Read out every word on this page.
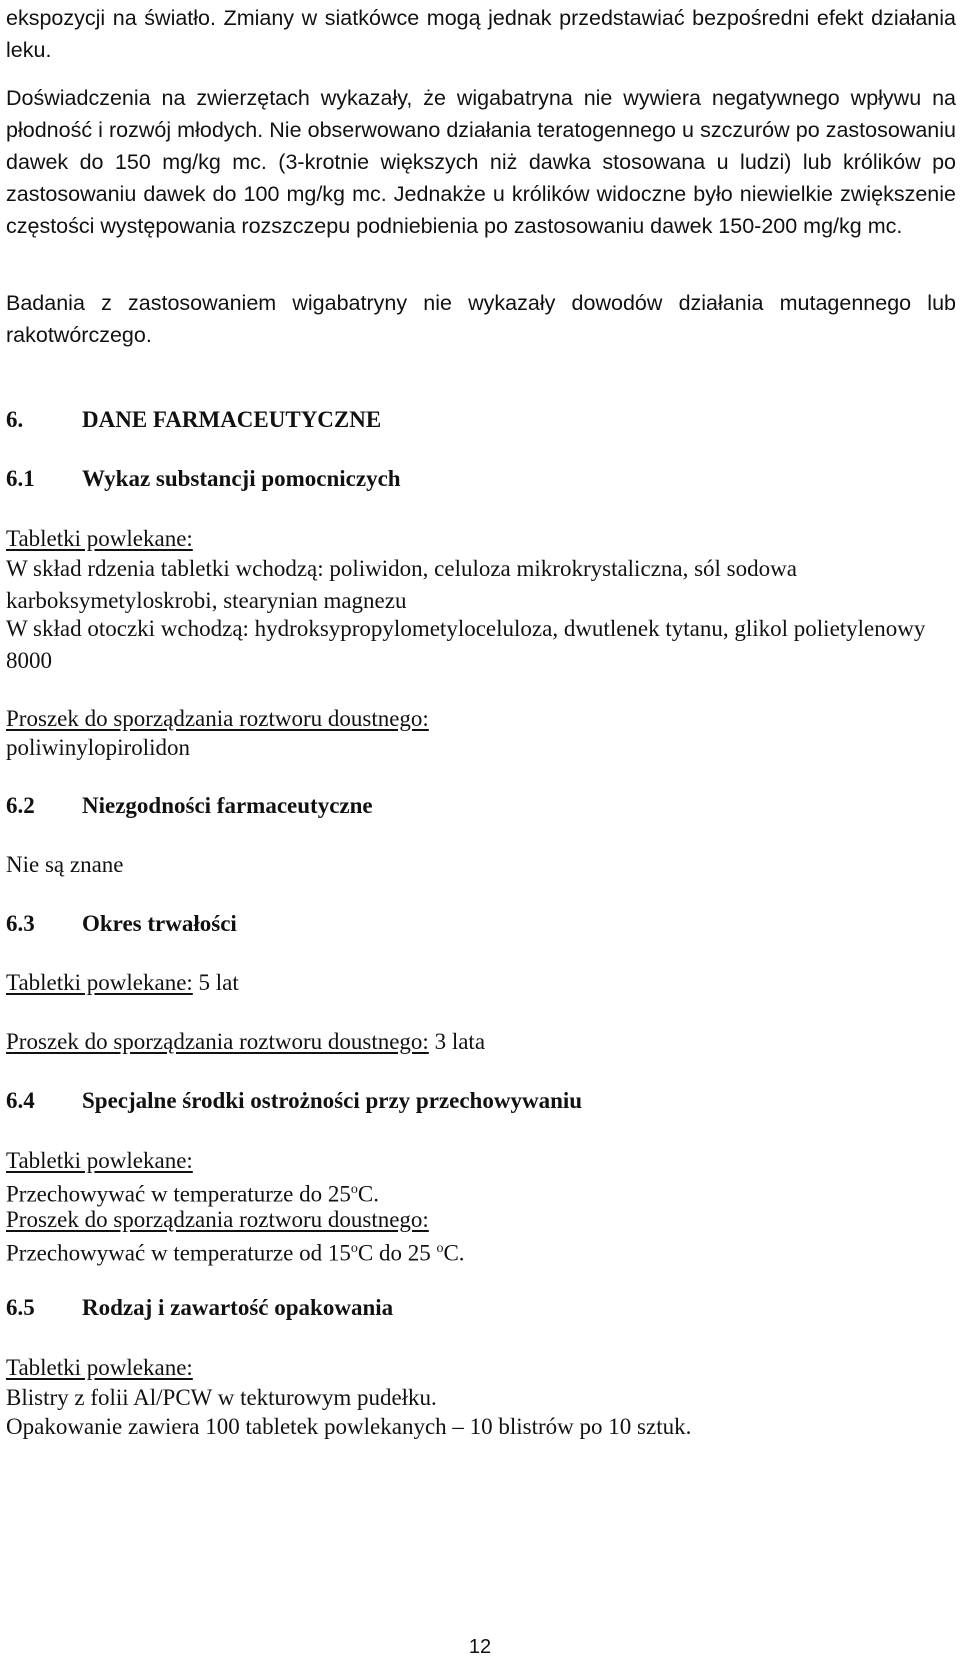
ekspozycji na światło. Zmiany w siatkówce mogą jednak przedstawiać bezpośredni efekt działania leku.

Doświadczenia na zwierzętach wykazały, że wigabatryna nie wywiera negatywnego wpływu na płodność i rozwój młodych. Nie obserwowano działania teratogennego u szczurów po zastosowaniu dawek do 150 mg/kg mc. (3-krotnie większych niż dawka stosowana u ludzi) lub królików po zastosowaniu dawek do 100 mg/kg mc. Jednakże u królików widoczne było niewielkie zwiększenie częstości występowania rozszczepu podniebienia po zastosowaniu dawek 150-200 mg/kg mc.

Badania z zastosowaniem wigabatryny nie wykazały dowodów działania mutagennego lub rakotwórczego.

6.	DANE FARMACEUTYCZNE
6.1 Wykaz substancji pomocniczych

Tabletki powlekane:

W skład rdzenia tabletki wchodzą: poliwidon, celuloza mikrokrystaliczna, sól sodowa karboksymetyloskrobi, stearynian magnezu

W skład otoczki wchodzą: hydroksypropylometyloceluloza, dwutlenek tytanu, glikol polietylenowy 8000

Proszek do sporządzania roztworu doustnego:

poliwinylopirolidon

6.2 Niezgodności farmaceutyczne

Nie są znane

6.3 Okres trwałości

Tabletki powlekane: 5 lat

Proszek do sporządzania roztworu doustnego: 3 lata

6.4 Specjalne środki ostrożności przy przechowywaniu

Tabletki powlekane:

Przechowywać w temperaturze do 25$^o$C.

Proszek do sporządzania roztworu doustnego:

Przechowywać w temperaturze od 15$^o$C do 25 $^o$C.

6.5 Rodzaj i zawartość opakowania

Tabletki powlekane:

Blistry z folii Al/PCW w tekturowym pudełku.

Opakowanie zawiera 100 tabletek powlekanych – 10 blistrów po 10 sztuk.

12
